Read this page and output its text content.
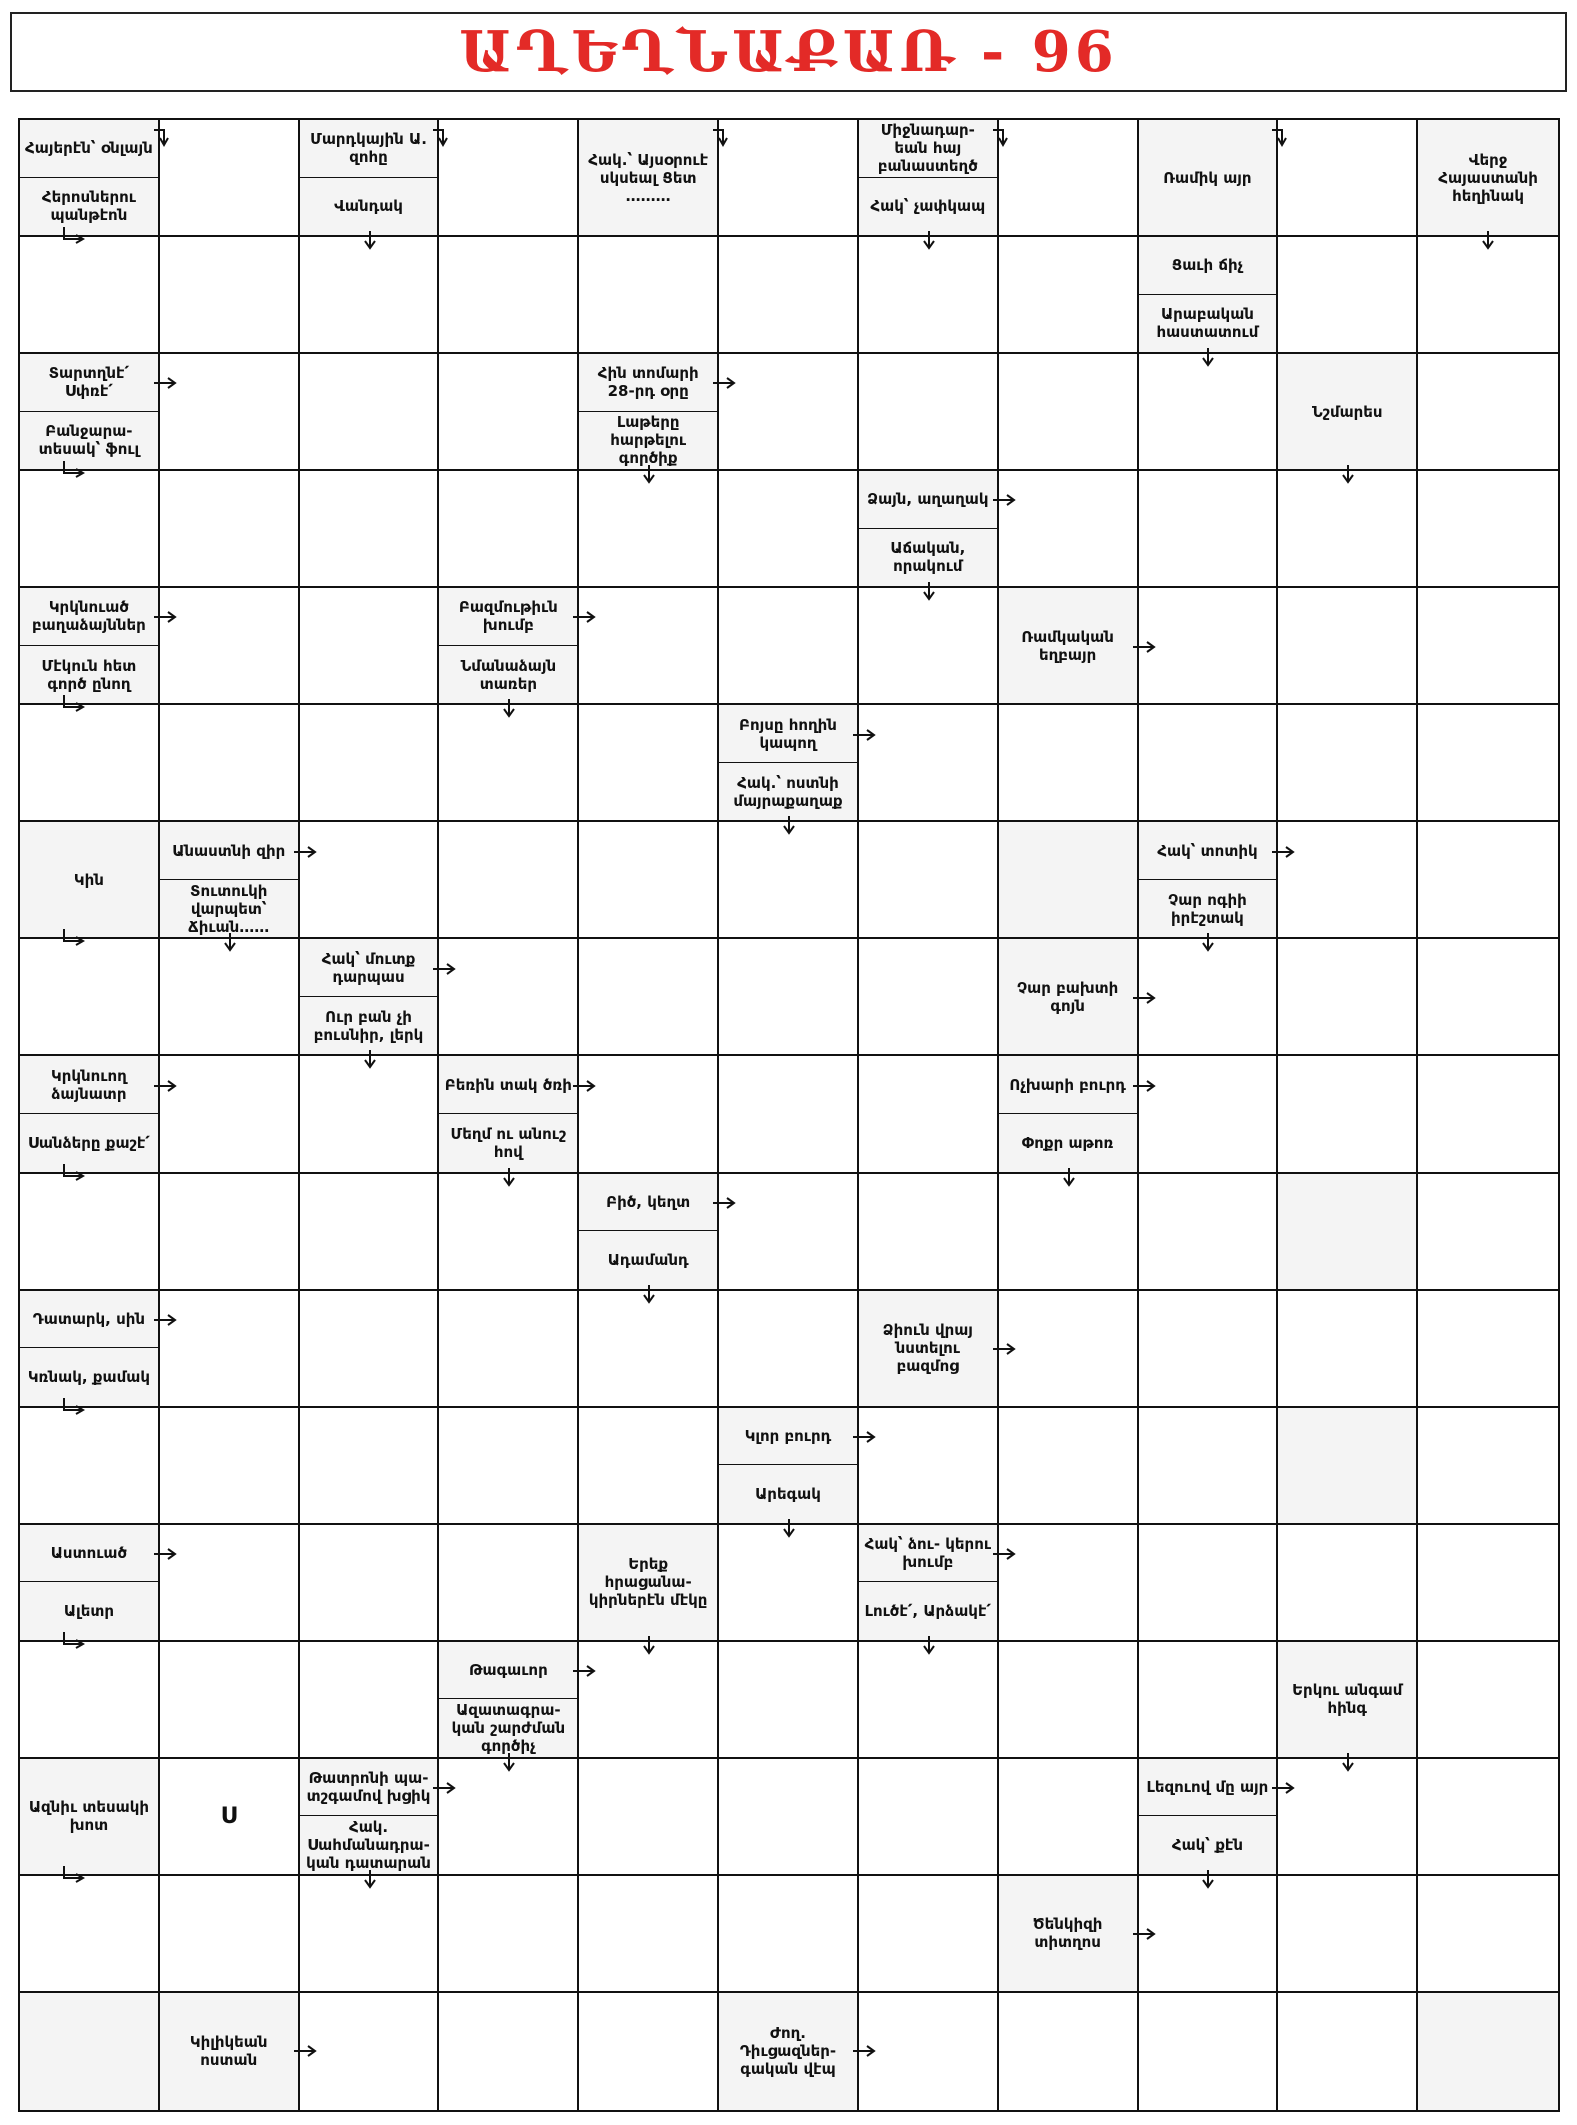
ԱՂԵՂՆԱՔԱՌ - 96
Հայերէն՝ օնլայն
Հերոսներու պանթէոն
Մարդկային Ա. զոհը
Վանդակ
Հակ.՝ Այսօրուէ սկսեալ Ցետ ………
Միջնադար- եան հայ բանաստեղծ
Հակ՝ չափկապ
Ռամիկ այր
Վերջ Հայաստանի հեղինակ
Ցաւի ճիչ
Արաբական հաստատում
Տարտղնէ՛ Սփռէ՛
Բանջարա- տեսակ՝ ֆուլ
Հին տոմարի 28-րդ օրը
Լաթերը հարթելու գործիք
Նշմարես
Ձայն, աղաղակ
Աճական, որակում
Կրկնուած բաղաձայններ
Մէկուն հետ գործ ընող
Բազմութիւն խումբ
Նմանաձայն տառեր
Ռամկական եղբայր
Բոյսը հողին կապող
Հակ.՝ ոստնի մայրաքաղաք
Կին
Անաստնի զիր
Տուտուկի վարպետ՝ Ճիւան……
Հակ՝ տոտիկ
Չար ոգիի իրէշտակ
Հակ՝ մուտք դարպաս
Ուր բան չի բուսնիր, լերկ
Չար բախտի գոյն
Կրկնուող ձայնատր
Սանձերը քաշէ՛
Բեռին տակ ծռի
Մեղմ ու անուշ հով
Ոչխարի բուրդ
Փոքր աթոռ
Բիծ, կեղտ
Ադամանդ
Դատարկ, սին
Կռնակ, քամակ
Ձիուն վրայ նստելու բազմոց
Կլոր բուրդ
Արեգակ
Աստուած
Ալետր
Երեք հրացանա- կիրներէն մէկը
Հակ՝ ձու- կերու խումբ
Լուծէ՛, Արձակէ՛
Թագաւոր
Ազատագրա- կան շարժման գործիչ
Երկու անգամ հինգ
Ազնիւ տեսակի խոտ	Ս
Թատրոնի պա- տշգամով խցիկ
Հակ. Սահմանադրա- կան դատարան
Լեզուով մը այր
Հակ՝ քէն
Ծենկիզի տիտղոս
Կիլիկեան ոստան
Ժող. Դիւցազներ- գական վէպ
